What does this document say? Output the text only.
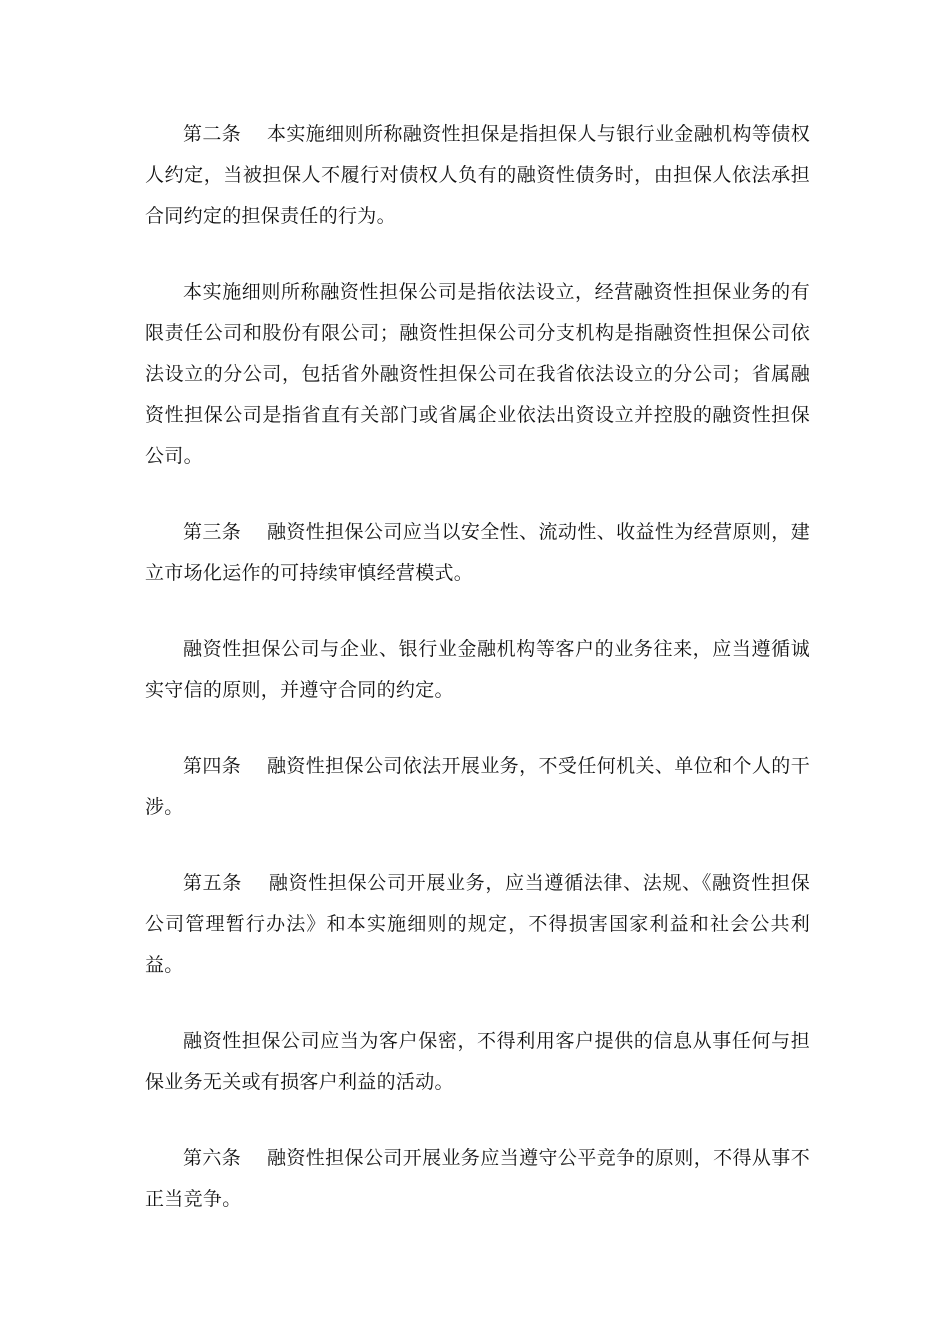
第二条 本实施细则所称融资性担保是指担保人与银行业金融机构等债权人约定，当被担保人不履行对债权人负有的融资性债务时，由担保人依法承担合同约定的担保责任的行为。

本实施细则所称融资性担保公司是指依法设立，经营融资性担保业务的有限责任公司和股份有限公司；融资性担保公司分支机构是指融资性担保公司依法设立的分公司，包括省外融资性担保公司在我省依法设立的分公司；省属融资性担保公司是指省直有关部门或省属企业依法出资设立并控股的融资性担保公司。

第三条 融资性担保公司应当以安全性、流动性、收益性为经营原则，建立市场化运作的可持续审慎经营模式。

融资性担保公司与企业、银行业金融机构等客户的业务往来，应当遵循诚实守信的原则，并遵守合同的约定。

第四条 融资性担保公司依法开展业务，不受任何机关、单位和个人的干涉。

第五条 融资性担保公司开展业务，应当遵循法律、法规、《融资性担保公司管理暂行办法》和本实施细则的规定，不得损害国家利益和社会公共利益。

融资性担保公司应当为客户保密，不得利用客户提供的信息从事任何与担保业务无关或有损客户利益的活动。

第六条 融资性担保公司开展业务应当遵守公平竞争的原则，不得从事不正当竞争。
